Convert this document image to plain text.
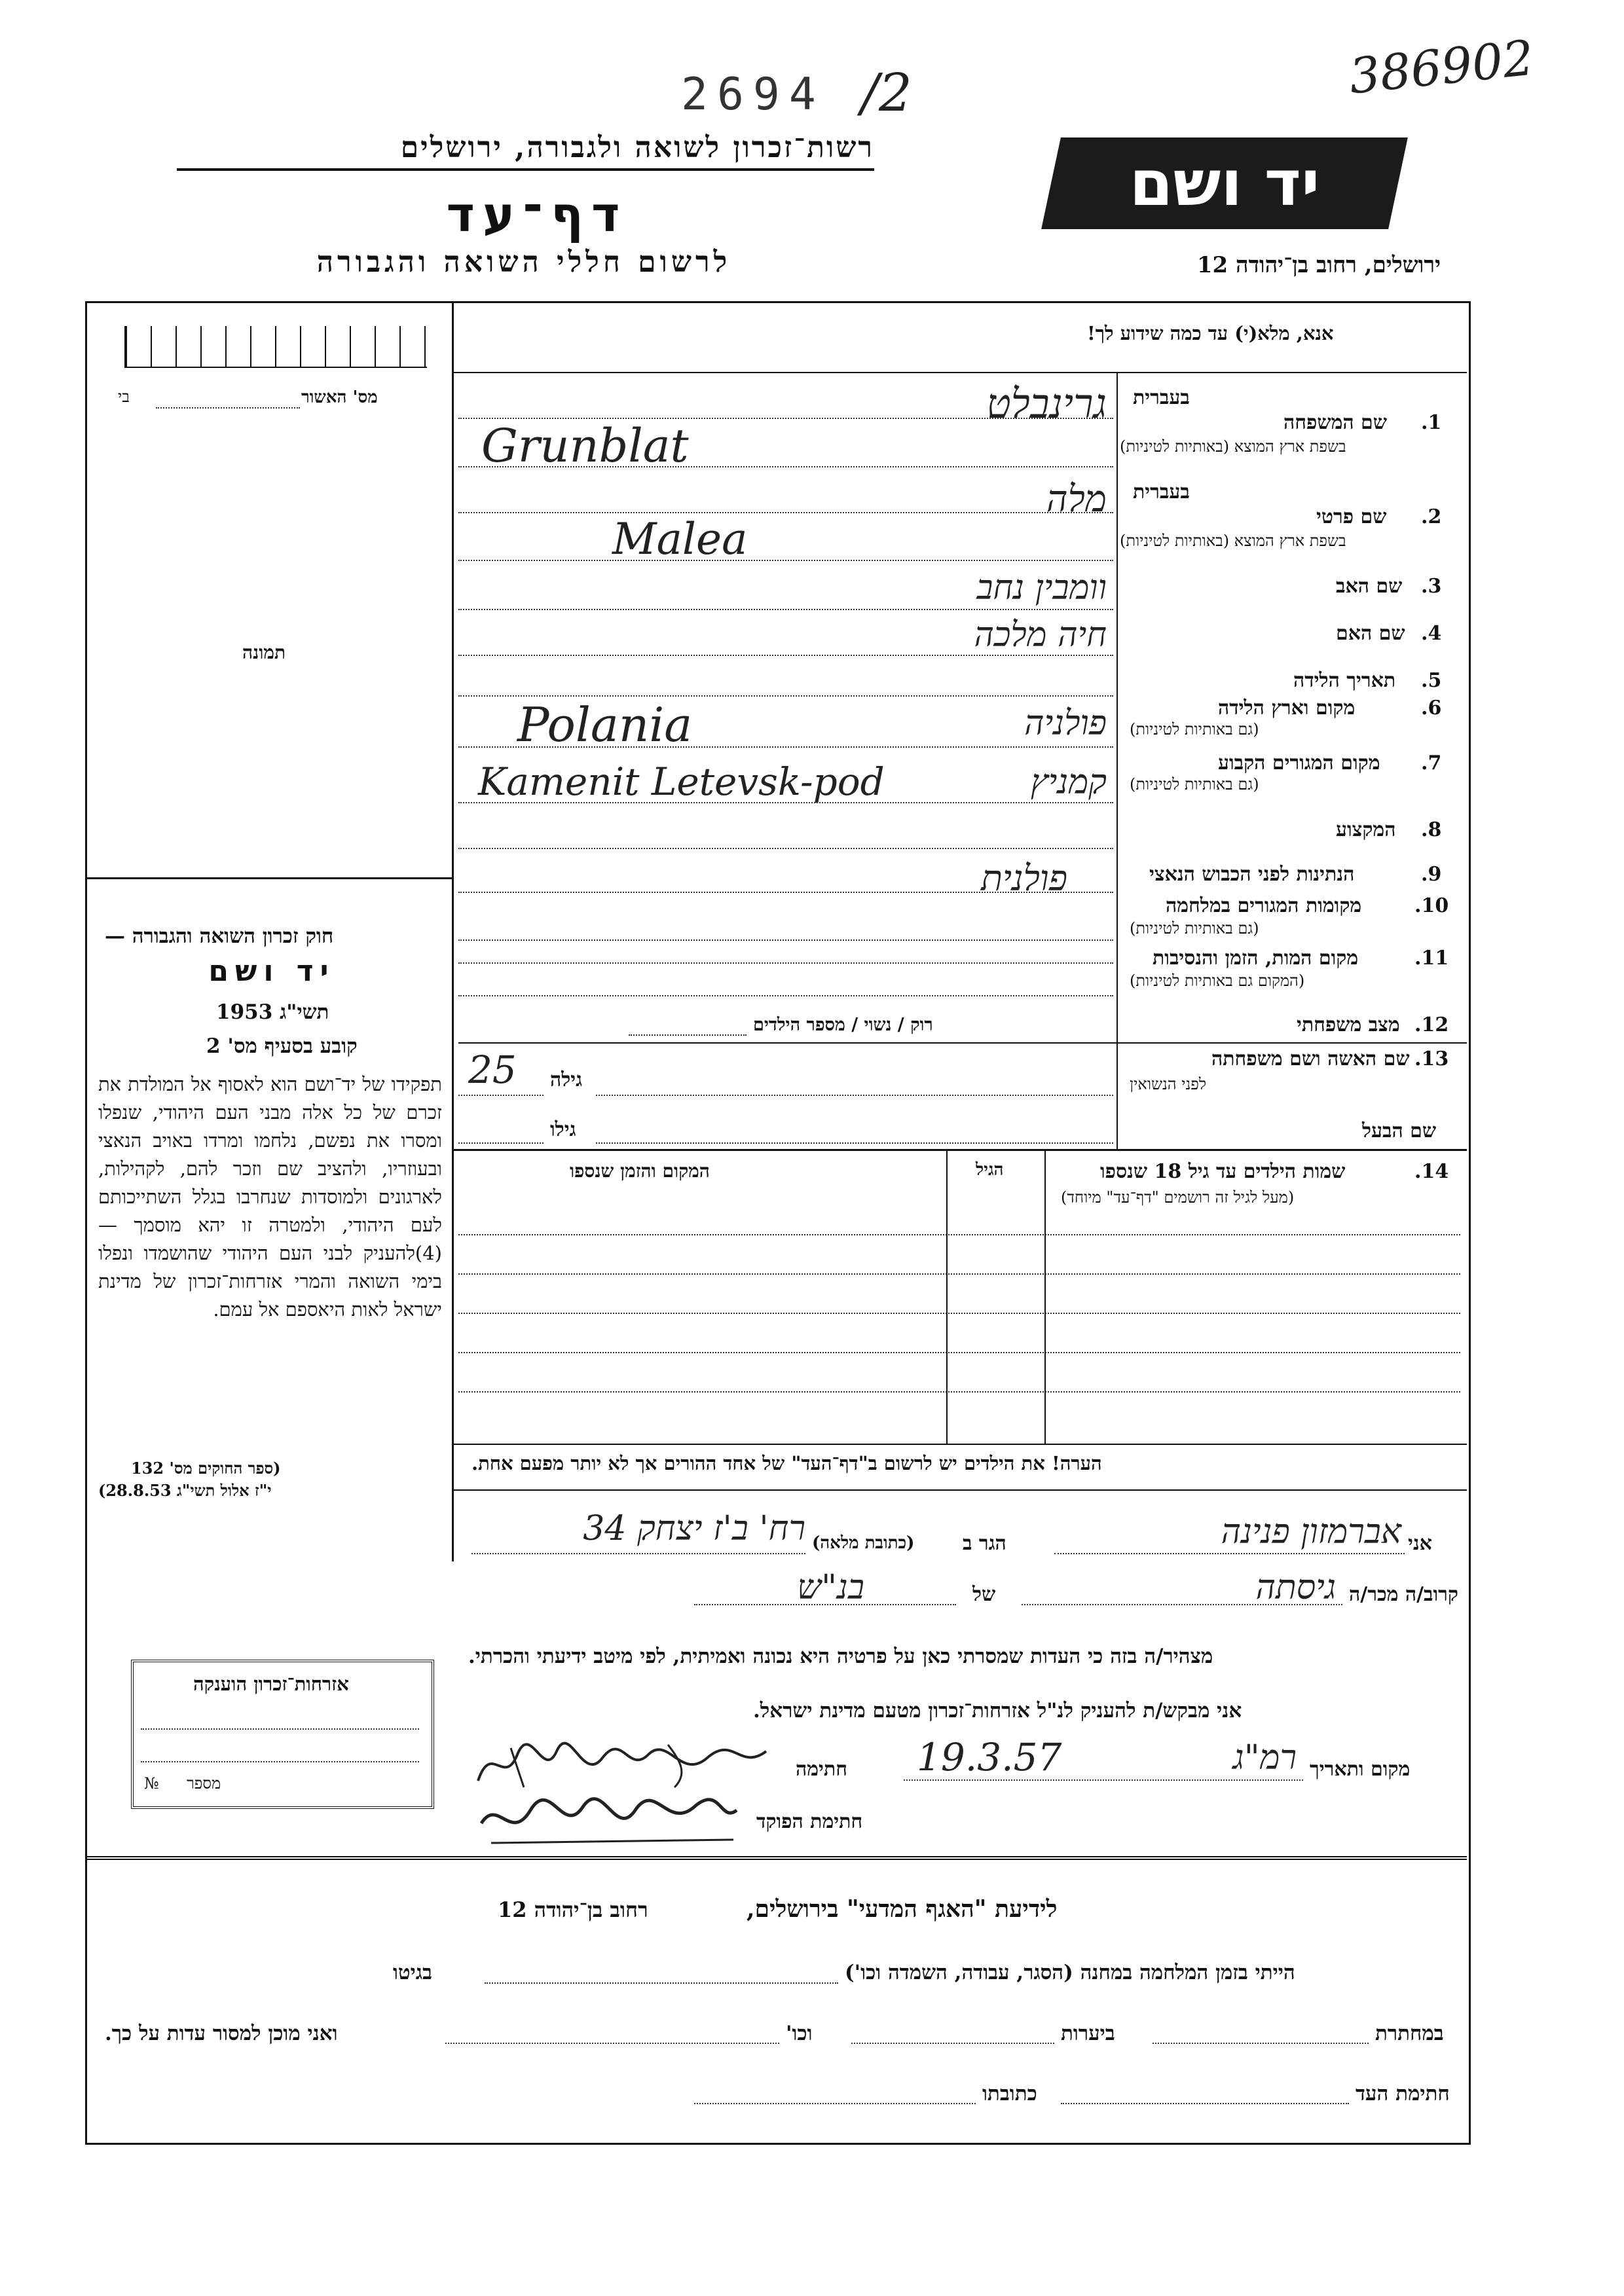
2694 /2	386902
רשות־זכרון לשואה ולגבורה, ירושלים	יד ושם
דף־עד
לרשום חללי השואה והגבורה	ירושלים, רחוב בן־יהודה 12
מס' האשור
בי
תמונה
אנא, מלא(י) עד כמה שידוע לך!
בעברית
שם המשפחה 1.
בשפת ארץ המוצא (באותיות לטיניות)
גרינבלט
Grunblat
בעברית
שם פרטי 2.
בשפת ארץ המוצא (באותיות לטיניות)
מלה
Malea
שם האב 3.
וומבין נחב
שם האם 4.
חיה מלכה
תאריך הלידה 5.
מקום וארץ הלידה	6.
(גם באותיות לטיניות)
Polania	פולניה
מקום המגורים הקבוע 7.
(גם באותיות לטיניות)
Kamenit Letevsk-pod	קמניץ
המקצוע 8.
הנתינות לפני הכבוש הנאצי	9.
פולנית
מקומות המגורים במלחמה	10.
(גם באותיות לטיניות)
מקום המות, הזמן והנסיבות	11.
(המקום גם באותיות לטיניות)
מצב משפחתי 12.
רוק / נשוי / מספר הילדים
שם האשה ושם משפחתה 13.
לפני הנשואין
גילה
25
שם הבעל
גילו
שמות הילדים עד גיל 18 שנספו	14.
(מעל לגיל זה רושמים "דף־עד" מיוחד)
הגיל
המקום והזמן שנספו
הערה! את הילדים יש לרשום ב"דף־העד" של אחד ההורים אך לא יותר מפעם אחת.
חוק זכרון השואה והגבורה —
יד ושם
תשי"ג 1953
קובע בסעיף מס' 2
תפקידו של יד־ושם הוא לאסוף אל המולדת את זכרם של כל אלה מבני העם היהודי, שנפלו ומסרו את נפשם, נלחמו ומרדו באויב הנאצי ובעוזריו, ולהציב שם וזכר להם, לקהילות, לארגונים ולמוסדות שנחרבו בגלל השתייכותם לעם היהודי, ולמטרה זו יהא מוסמך — (4)להעניק לבני העם היהודי שהושמדו ונפלו בימי השואה והמרי אזרחות־זכרון של מדינת ישראל לאות היאספם אל עמם.
(ספר החוקים מס' 132
י"ז אלול תשי"ג 28.8.53)
אזרחות־זכרון הוענקה
מספר
№
אני
אברמזון פנינה
הגר ב
(כתובת מלאה)
רח' ב'ז יצחק 34
קרוב/ה מכר/ה
גיסתה
של
בנ"ש
מצהיר/ה בזה כי העדות שמסרתי כאן על פרטיה היא נכונה ואמיתית, לפי מיטב ידיעתי והכרתי.
אני מבקש/ת להעניק לנ"ל אזרחות־זכרון מטעם מדינת ישראל.
מקום ותאריך
רמ"ג
19.3.57
חתימה
חתימת הפוקד
לידיעת "האגף המדעי" בירושלים,
רחוב בן־יהודה 12
הייתי בזמן המלחמה במחנה (הסגר, עבודה, השמדה וכו')
בגיטו
במחתרת
ביערות
וכו'
ואני מוכן למסור עדות על כך.
חתימת העד
כתובתו
